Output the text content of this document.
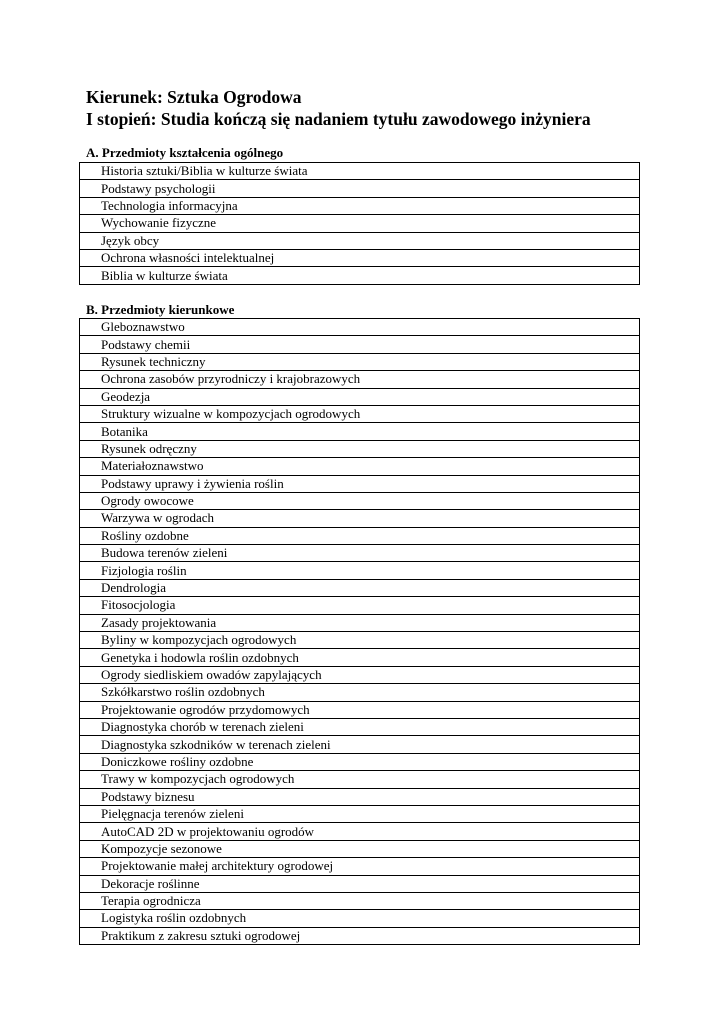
Kierunek: Sztuka Ogrodowa
I stopień: Studia kończą się nadaniem tytułu zawodowego inżyniera
A. Przedmioty kształcenia ogólnego
Historia sztuki/Biblia w kulturze świata
Podstawy psychologii
Technologia informacyjna
Wychowanie fizyczne
Język obcy
Ochrona własności intelektualnej
Biblia w kulturze świata
B. Przedmioty kierunkowe
Gleboznawstwo
Podstawy chemii
Rysunek techniczny
Ochrona zasobów przyrodniczy i krajobrazowych
Geodezja
Struktury wizualne w kompozycjach ogrodowych
Botanika
Rysunek odręczny
Materiałoznawstwo
Podstawy uprawy i żywienia roślin
Ogrody owocowe
Warzywa w ogrodach
Rośliny ozdobne
Budowa terenów zieleni
Fizjologia roślin
Dendrologia
Fitosocjologia
Zasady projektowania
Byliny w kompozycjach ogrodowych
Genetyka i hodowla roślin ozdobnych
Ogrody siedliskiem owadów zapylających
Szkółkarstwo roślin ozdobnych
Projektowanie ogrodów przydomowych
Diagnostyka chorób w terenach zieleni
Diagnostyka szkodników w terenach zieleni
Doniczkowe rośliny ozdobne
Trawy w kompozycjach ogrodowych
Podstawy biznesu
Pielęgnacja terenów zieleni
AutoCAD 2D w projektowaniu ogrodów
Kompozycje sezonowe
Projektowanie małej architektury ogrodowej
Dekoracje roślinne
Terapia ogrodnicza
Logistyka roślin ozdobnych
Praktikum z zakresu sztuki ogrodowej
